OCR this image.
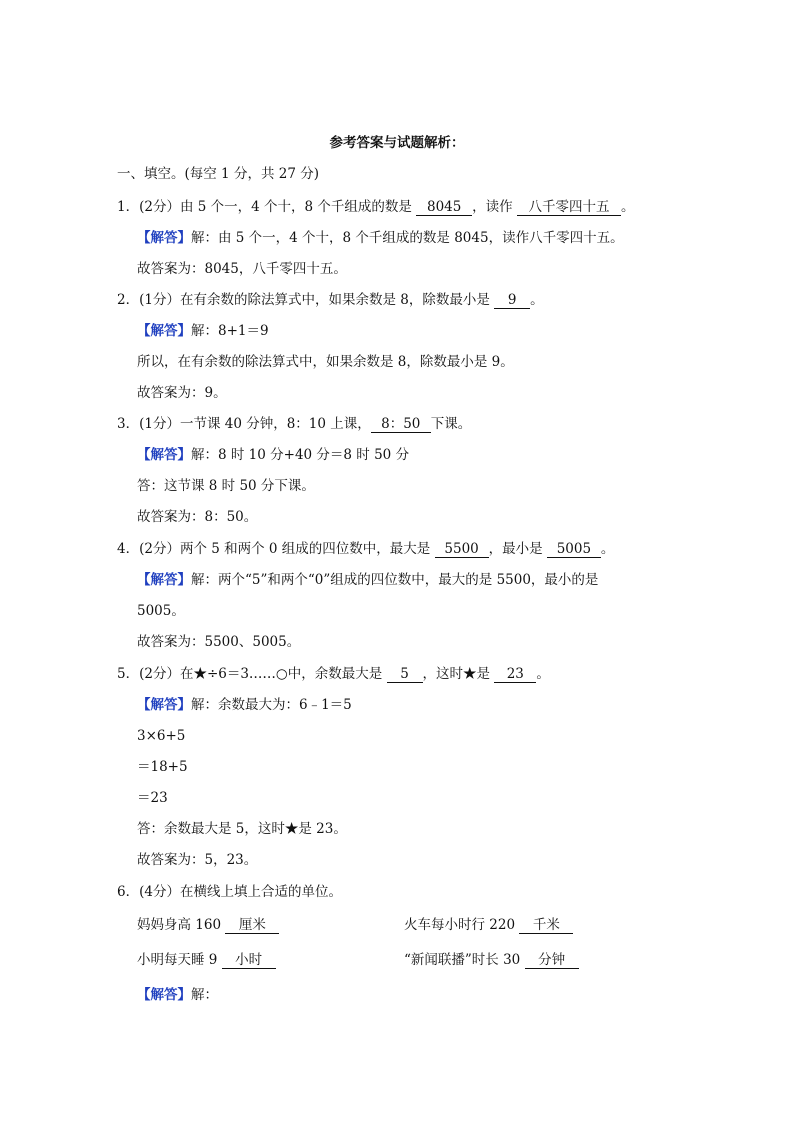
参考答案与试题解析：
一、填空。(每空 1 分，共 27 分)
1．(2分）由 5 个一，4 个十，8 个千组成的数是 8045 ，读作 八千零四十五 。
【解答】解：由 5 个一，4 个十，8 个千组成的数是 8045，读作八千零四十五。
故答案为：8045，八千零四十五。
2．(1分）在有余数的除法算式中，如果余数是 8，除数最小是 9 。
【解答】解：8+1＝9
所以，在有余数的除法算式中，如果余数是 8，除数最小是 9。
故答案为：9。
3．(1分）一节课 40 分钟，8：10 上课， 8：50 下课。
【解答】解：8 时 10 分+40 分＝8 时 50 分
答：这节课 8 时 50 分下课。
故答案为：8：50。
4．(2分）两个 5 和两个 0 组成的四位数中，最大是 5500 ，最小是 5005 。
【解答】解：两个“5”和两个“0”组成的四位数中，最大的是 5500，最小的是
5005。
故答案为：5500、5005。
5．(2分）在★÷6＝3……○中，余数最大是 5 ，这时★是 23 。
【解答】解：余数最大为：6﹣1＝5
3×6+5
＝18+5
＝23
答：余数最大是 5，这时★是 23。
故答案为：5，23。
6．(4分）在横线上填上合适的单位。
妈妈身高 160 厘米	火车每小时行 220 千米
小明每天睡 9 小时	“新闻联播”时长 30 分钟
【解答】解：
